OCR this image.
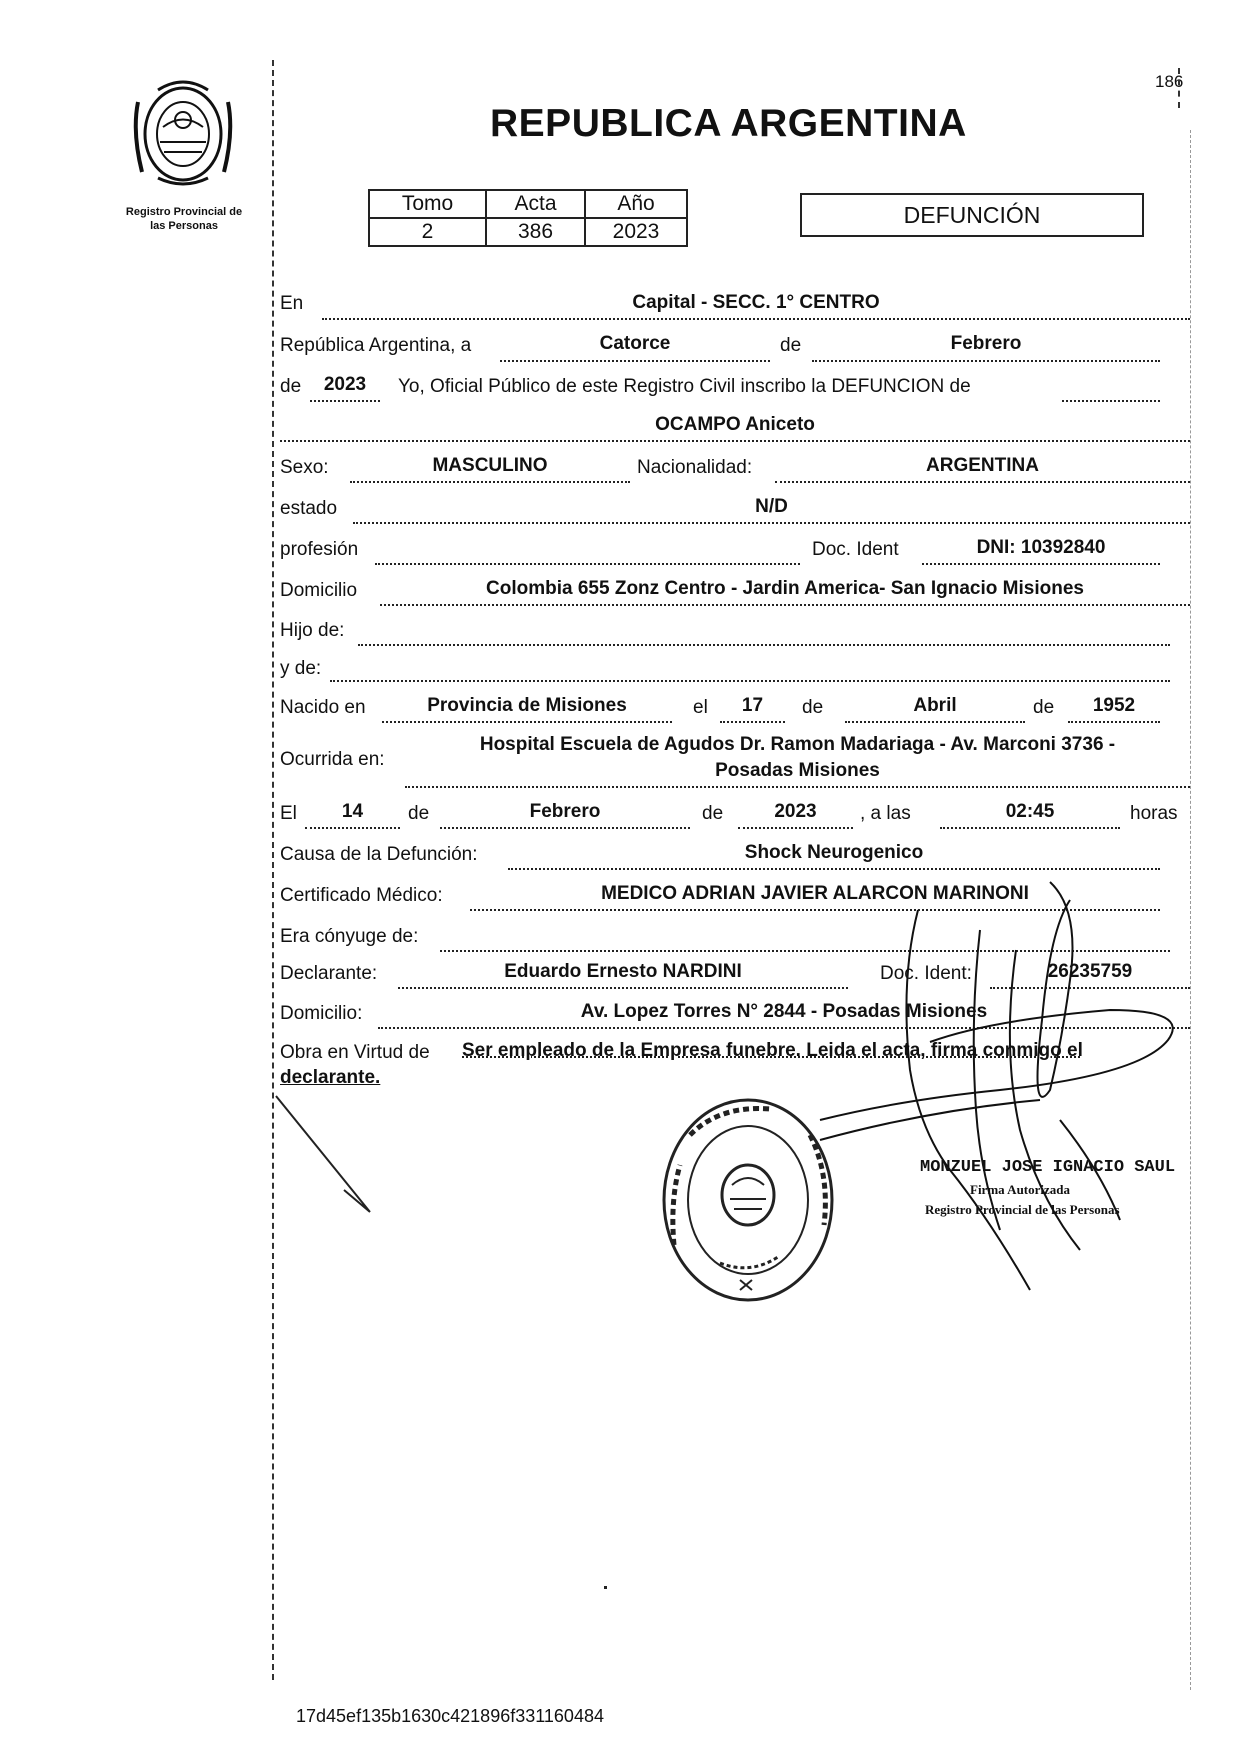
186
Registro Provincial de
las Personas
REPUBLICA ARGENTINA
Tomo	Acta	Año
2	386	2023
DEFUNCIÓN
En	Capital - SECC. 1° CENTRO
República Argentina, a	Catorce	de	Febrero
de	2023	Yo, Oficial Público de este Registro Civil inscribo la DEFUNCION de
OCAMPO Aniceto
Sexo:	MASCULINO	Nacionalidad:	ARGENTINA
estado	N/D
profesión	Doc. Ident	DNI: 10392840
Domicilio	Colombia 655 Zonz Centro - Jardin America- San Ignacio Misiones
Hijo de:
y de:
Nacido en	Provincia de Misiones	el	17	de	Abril	de	1952
Ocurrida en:
Hospital Escuela de Agudos Dr. Ramon Madariaga - Av. Marconi 3736 -
Posadas Misiones
El	14	de	Febrero	de	2023	, a las	02:45	horas
Causa de la Defunción:	Shock Neurogenico
Certificado Médico:	MEDICO ADRIAN JAVIER ALARCON MARINONI
Era cónyuge de:
Declarante:	Eduardo Ernesto NARDINI	Doc. Ident:	26235759
Domicilio:	Av. Lopez Torres N° 2844 - Posadas Misiones
Obra en Virtud de Ser empleado de la Empresa funebre. Leida el acta, firma conmigo el
declarante.
MONZUEL JOSE IGNACIO SAUL
Firma Autorizada
Registro Provincial de las Personas
17d45ef135b1630c421896f331160484
